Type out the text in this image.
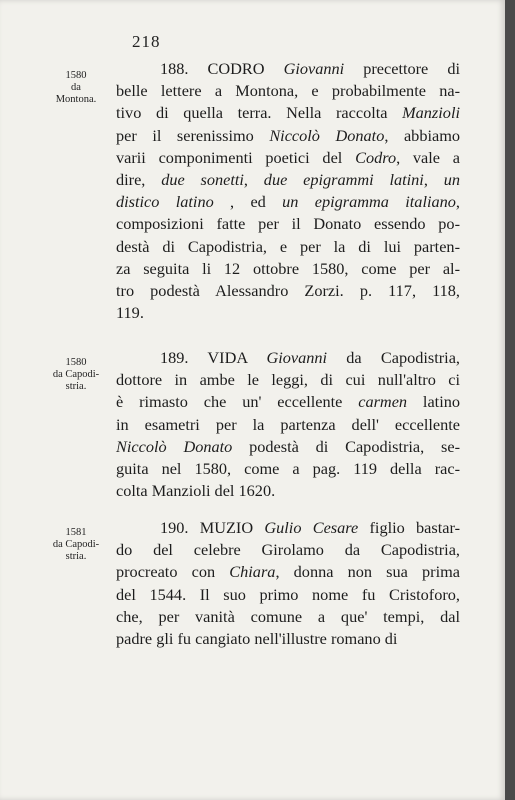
218
1580
da
Montona.
1580
da Capodi-
stria.
1581
da Capodi-
stria.
188. CODRO Giovanni precettore di
belle lettere a Montona, e probabilmente na-
tivo di quella terra. Nella raccolta Manzioli
per il serenissimo Niccolò Donato, abbiamo
varii componimenti poetici del Codro, vale a
dire, due sonetti, due epigrammi latini, un
distico latino , ed un epigramma italiano,
composizioni fatte per il Donato essendo po-
destà di Capodistria, e per la di lui parten-
za seguita li 12 ottobre 1580, come per al-
tro podestà Alessandro Zorzi. p. 117, 118,
119.
189. VIDA Giovanni da Capodistria,
dottore in ambe le leggi, di cui null'altro ci
è rimasto che un' eccellente carmen latino
in esametri per la partenza dell' eccellente
Niccolò Donato podestà di Capodistria, se-
guita nel 1580, come a pag. 119 della rac-
colta Manzioli del 1620.
190. MUZIO Gulio Cesare figlio bastar-
do del celebre Girolamo da Capodistria,
procreato con Chiara, donna non sua prima
del 1544. Il suo primo nome fu Cristoforo,
che, per vanità comune a que' tempi, dal
padre gli fu cangiato nell'illustre romano di
